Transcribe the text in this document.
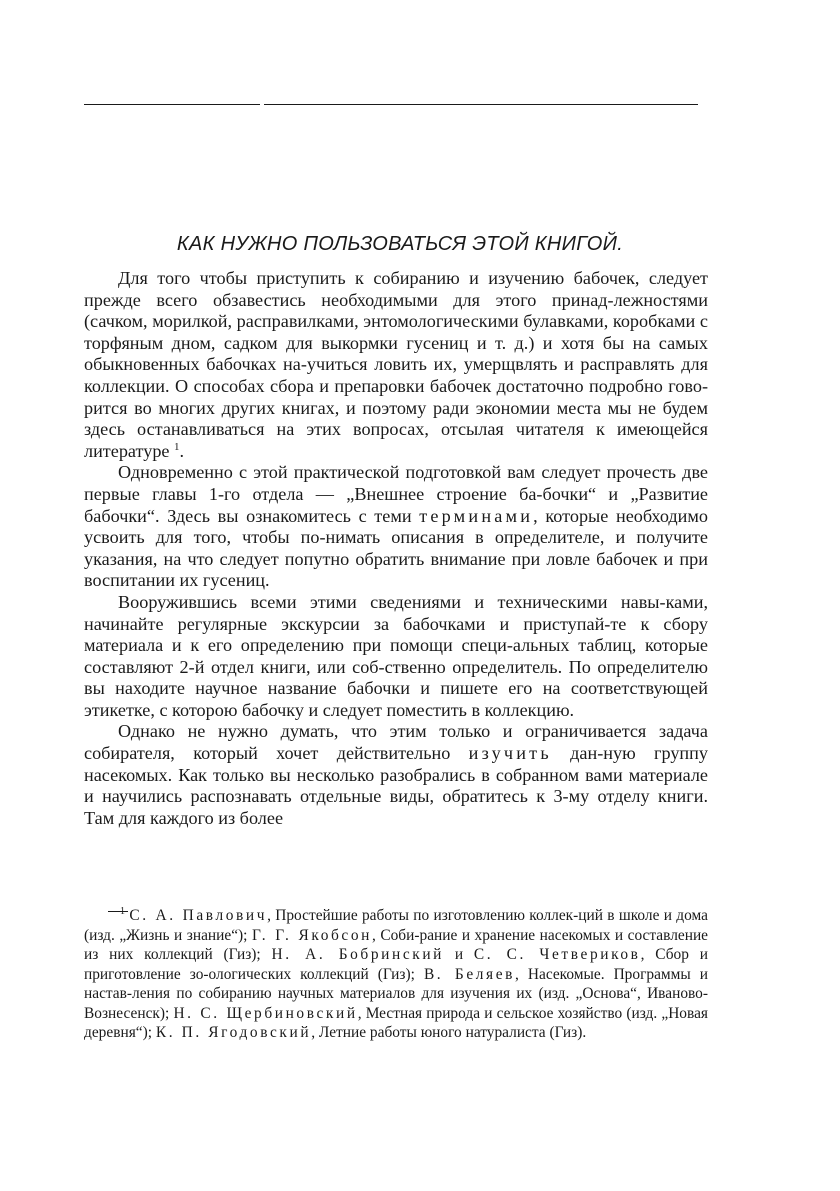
КАК НУЖНО ПОЛЬЗОВАТЬСЯ ЭТОЙ КНИГОЙ.

Для того чтобы приступить к собиранию и изучению бабочек, следует прежде всего обзавестись необходимыми для этого принад-лежностями (сачком, морилкой, расправилками, энтомологическими булавками, коробками с торфяным дном, садком для выкормки гусениц и т. д.) и хотя бы на самых обыкновенных бабочках на-учиться ловить их, умерщвлять и расправлять для коллекции. О способах сбора и препаровки бабочек достаточно подробно гово-рится во многих других книгах, и поэтому ради экономии места мы не будем здесь останавливаться на этих вопросах, отсылая читателя к имеющейся литературе $^1$.

Одновременно с этой практической подготовкой вам следует прочесть две первые главы 1-го отдела — „Внешнее строение ба-бочки“ и „Развитие бабочки“. Здесь вы ознакомитесь с теми терминами, которые необходимо усвоить для того, чтобы по-нимать описания в определителе, и получите указания, на что следует попутно обратить внимание при ловле бабочек и при воспитании их гусениц.

Вооружившись всеми этими сведениями и техническими навы-ками, начинайте регулярные экскурсии за бабочками и приступай-те к сбору материала и к его определению при помощи специ-альных таблиц, которые составляют 2-й отдел книги, или соб-ственно определитель. По определителю вы находите научное название бабочки и пишете его на соответствующей этикетке, с которою бабочку и следует поместить в коллекцию.

Однако не нужно думать, что этим только и ограничивается задача собирателя, который хочет действительно изучить дан-ную группу насекомых. Как только вы несколько разобрались в собранном вами материале и научились распознавать отдельные виды, обратитесь к 3-му отделу книги. Там для каждого из более

$^1$ С. А. Павлович, Простейшие работы по изготовлению коллек-ций в школе и дома (изд. „Жизнь и знание“); Г. Г. Якобсон, Соби-рание и хранение насекомых и составление из них коллекций (Гиз); Н. А. Бобринский и С. С. Четвериков, Сбор и приготовление зо-ологических коллекций (Гиз); В. Беляев, Насекомые. Программы и настав-ления по собиранию научных материалов для изучения их (изд. „Основа“, Иваново-Вознесенск); Н. С. Щербиновский, Местная природа и сельское хозяйство (изд. „Новая деревня“); К. П. Ягодовский, Летние работы юного натуралиста (Гиз).
